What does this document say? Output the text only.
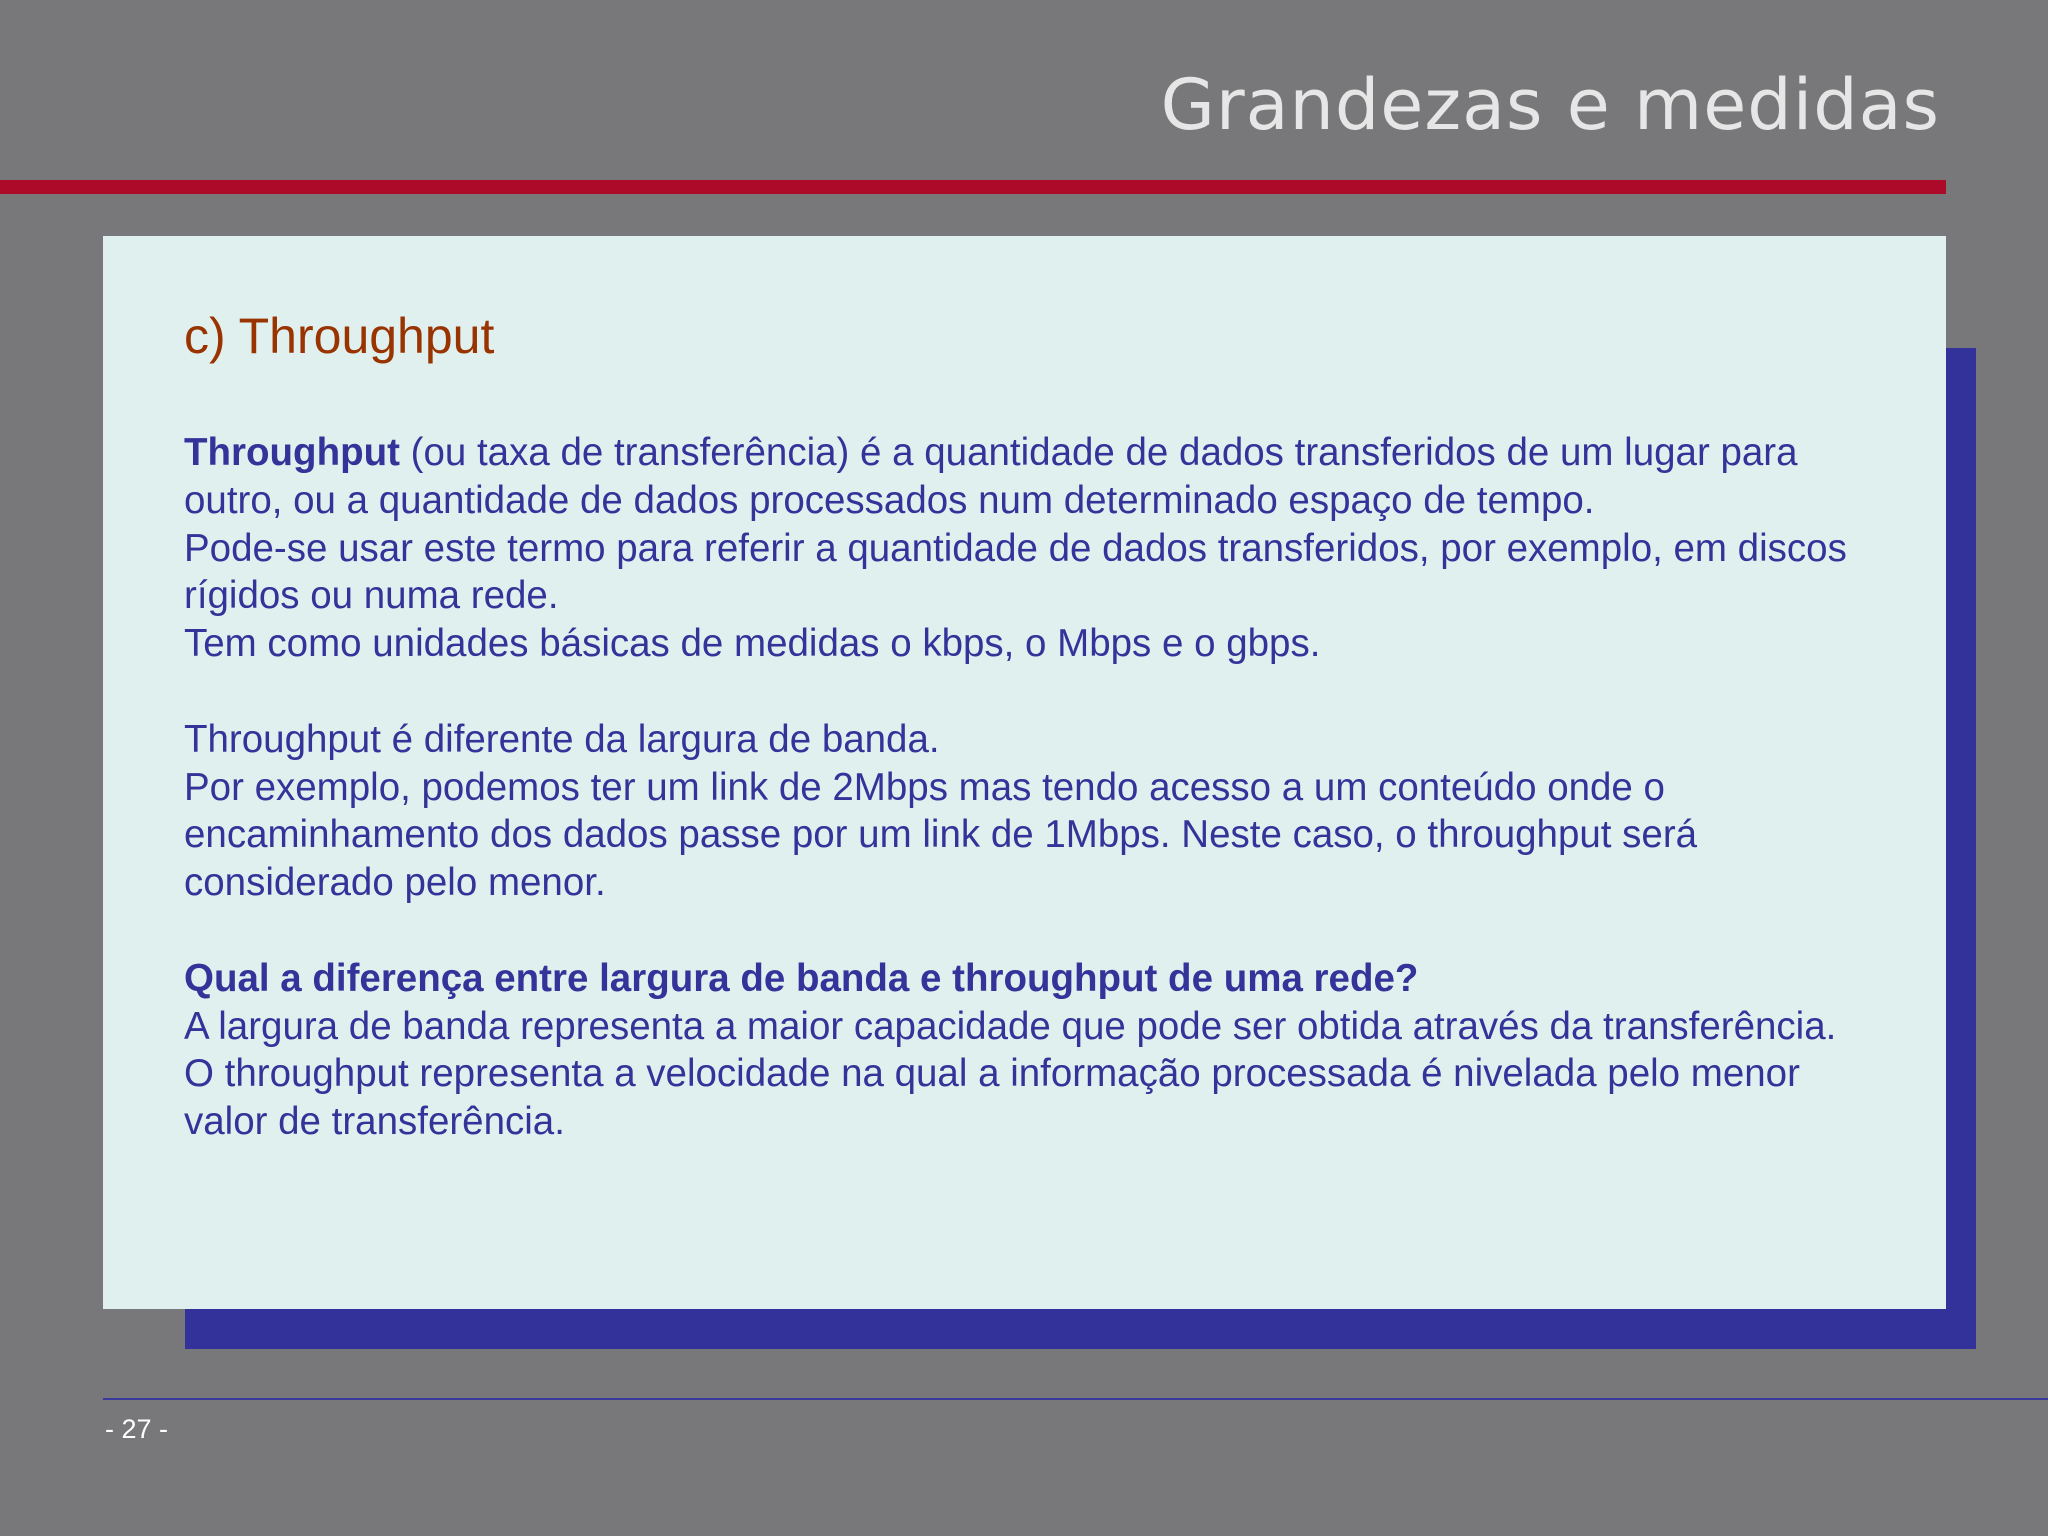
Grandezas e medidas
c) Throughput

Throughput (ou taxa de transferência) é a quantidade de dados transferidos de um lugar para outro, ou a quantidade de dados processados num determinado espaço de tempo.

Pode-se usar este termo para referir a quantidade de dados transferidos, por exemplo, em discos rígidos ou numa rede.

Tem como unidades básicas de medidas o kbps, o Mbps e o gbps.

Throughput é diferente da largura de banda.

Por exemplo, podemos ter um link de 2Mbps mas tendo acesso a um conteúdo onde o encaminhamento dos dados passe por um link de 1Mbps. Neste caso, o throughput será considerado pelo menor.

Qual a diferença entre largura de banda e throughput de uma rede?

A largura de banda representa a maior capacidade que pode ser obtida através da transferência.

O throughput representa a velocidade na qual a informação processada é nivelada pelo menor valor de transferência.

- 27 -
